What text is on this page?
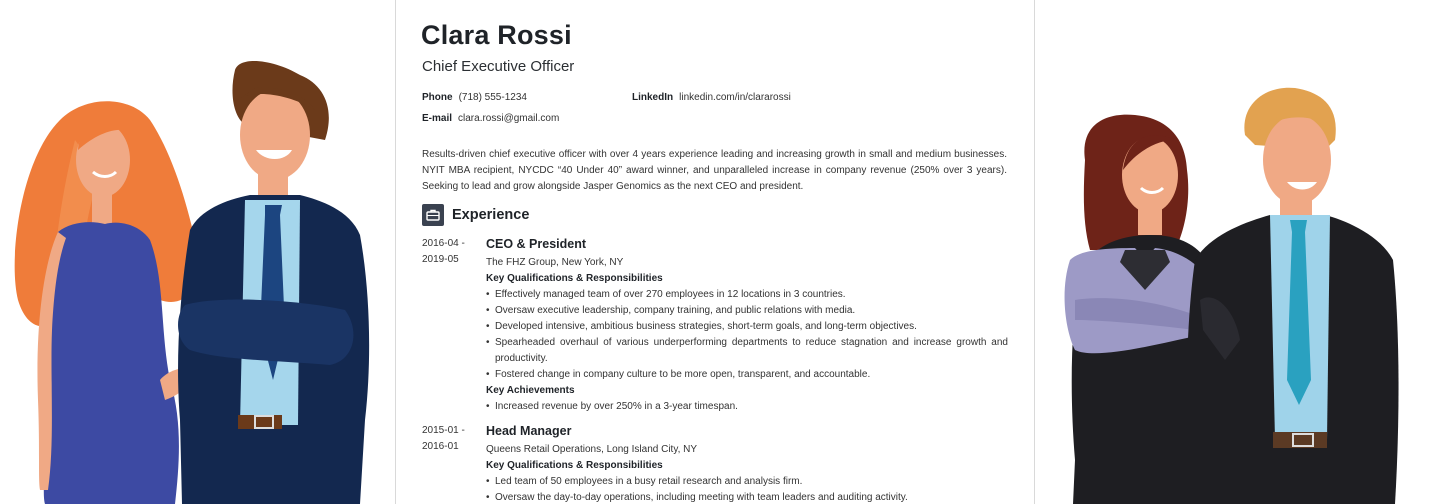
Clara Rossi
Chief Executive Officer
Phone (718) 555-1234	LinkedIn linkedin.com/in/clararossi
E-mail clara.rossi@gmail.com
Results-driven chief executive officer with over 4 years experience leading and increasing growth in small and medium businesses. NYIT MBA recipient, NYCDC “40 Under 40” award winner, and unparalleled increase in company revenue (250% over 3 years). Seeking to lead and grow alongside Jasper Genomics as the next CEO and president.
Experience
2016-04 -
2019-05
CEO & President
The FHZ Group, New York, NY
Key Qualifications & Responsibilities
• Effectively managed team of over 270 employees in 12 locations in 3 countries.
• Oversaw executive leadership, company training, and public relations with media.
• Developed intensive, ambitious business strategies, short-term goals, and long-term objectives.
• Spearheaded overhaul of various underperforming departments to reduce stagnation and increase growth and productivity.
• Fostered change in company culture to be more open, transparent, and accountable.
Key Achievements
• Increased revenue by over 250% in a 3-year timespan.
2015-01 -
2016-01
Head Manager
Queens Retail Operations, Long Island City, NY
Key Qualifications & Responsibilities
• Led team of 50 employees in a busy retail research and analysis firm.
• Oversaw the day-to-day operations, including meeting with team leaders and auditing activity.
